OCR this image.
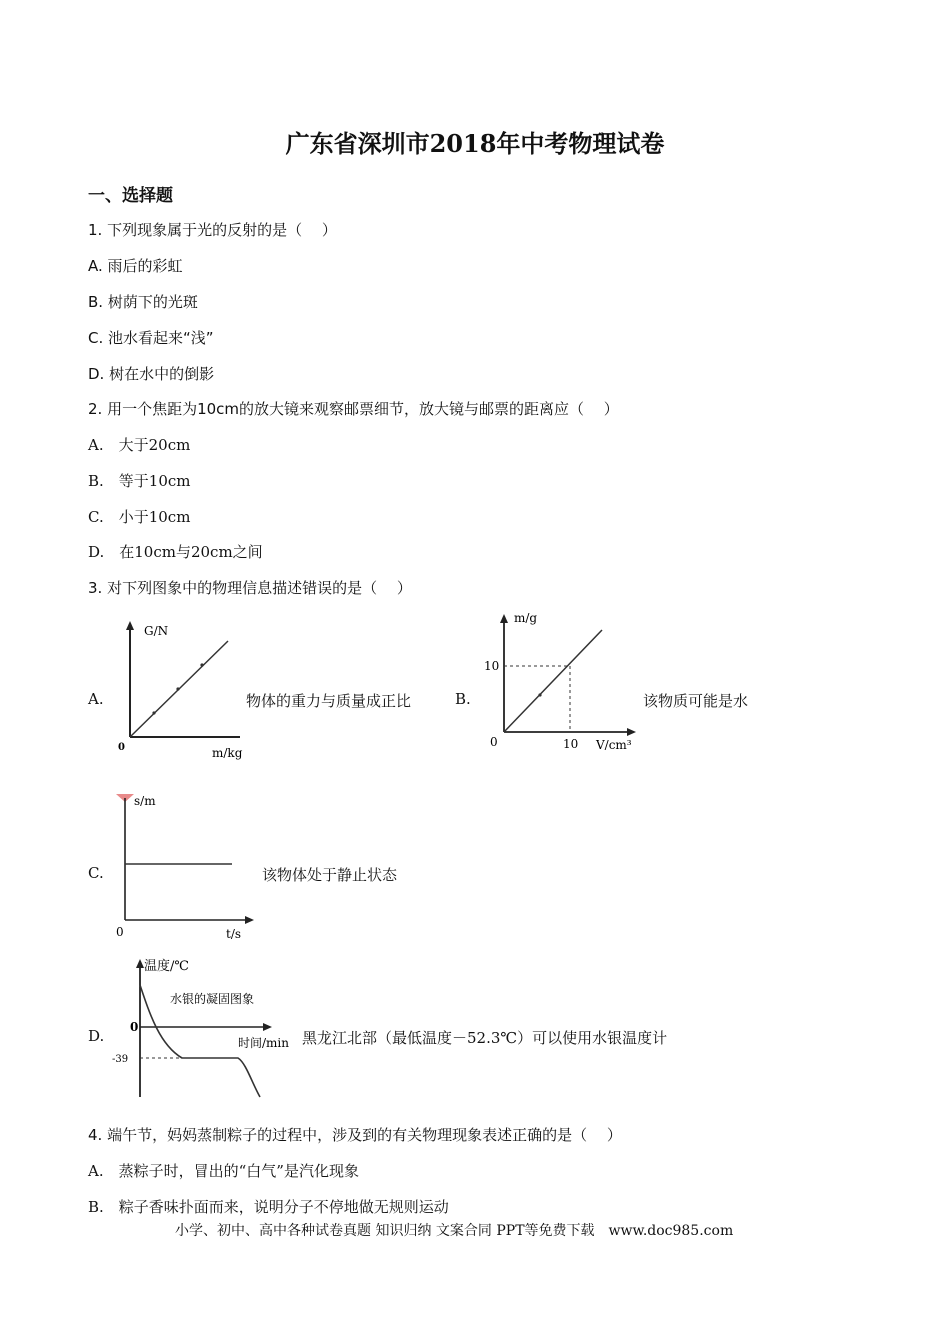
广东省深圳市2018年中考物理试卷
一、选择题
1. 下列现象属于光的反射的是（　 ）
A. 雨后的彩虹
B. 树荫下的光斑
C. 池水看起来“浅”
D. 树在水中的倒影
2. 用一个焦距为10cm的放大镜来观察邮票细节，放大镜与邮票的距离应（　 ）
A.　大于20cm
B.　等于10cm
C.　小于10cm
D.　在10cm与20cm之间
3. 对下列图象中的物理信息描述错误的是（　 ）
A.
G/N
0	m/kg
物体的重力与质量成正比	B.
m/g
10
0	10 V/cm³
该物质可能是水
C.
s/m
0	t/s
该物体处于静止状态
D.
温度/℃
水银的凝固图象
0
-39
时间/min 黑龙江北部（最低温度－52.3℃）可以使用水银温度计
4. 端午节，妈妈蒸制粽子的过程中，涉及到的有关物理现象表述正确的是（　 ）
A.　蒸粽子时，冒出的“白气”是汽化现象
B.　粽子香味扑面而来，说明分子不停地做无规则运动
小学、初中、高中各种试卷真题 知识归纳 文案合同 PPT等免费下载　www.doc985.com
